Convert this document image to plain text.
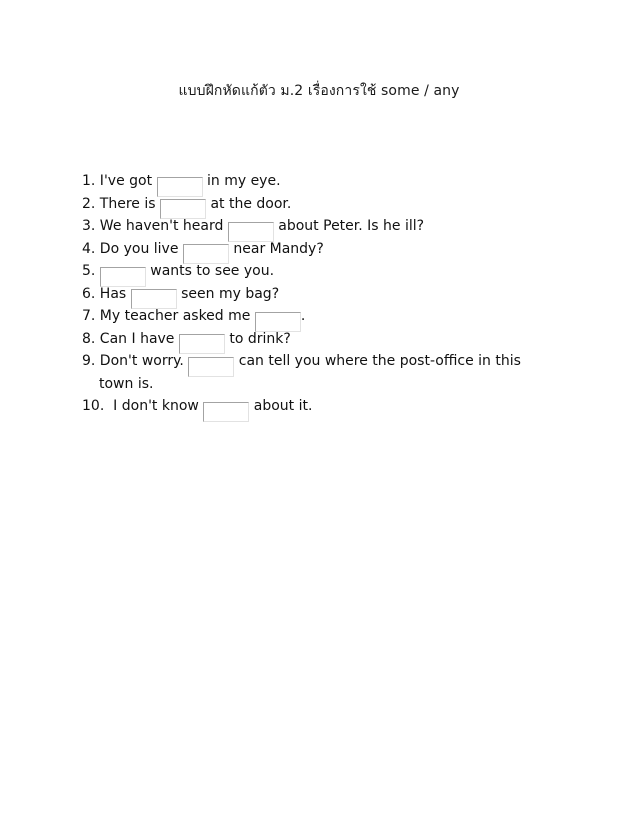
แบบฝึกหัดแก้ตัว ม.2 เรื่องการใช้ some / any
1. I've got	in my eye.
2. There is	at the door.
3. We haven't heard	about Peter. Is he ill?
4. Do you live	near Mandy?
5.	wants to see you.
6. Has	seen my bag?
7. My teacher asked me	.
8. Can I have	to drink?
9. Don't worry.	can tell you where the post-office in this
town is.
10.  I don't know	about it.
